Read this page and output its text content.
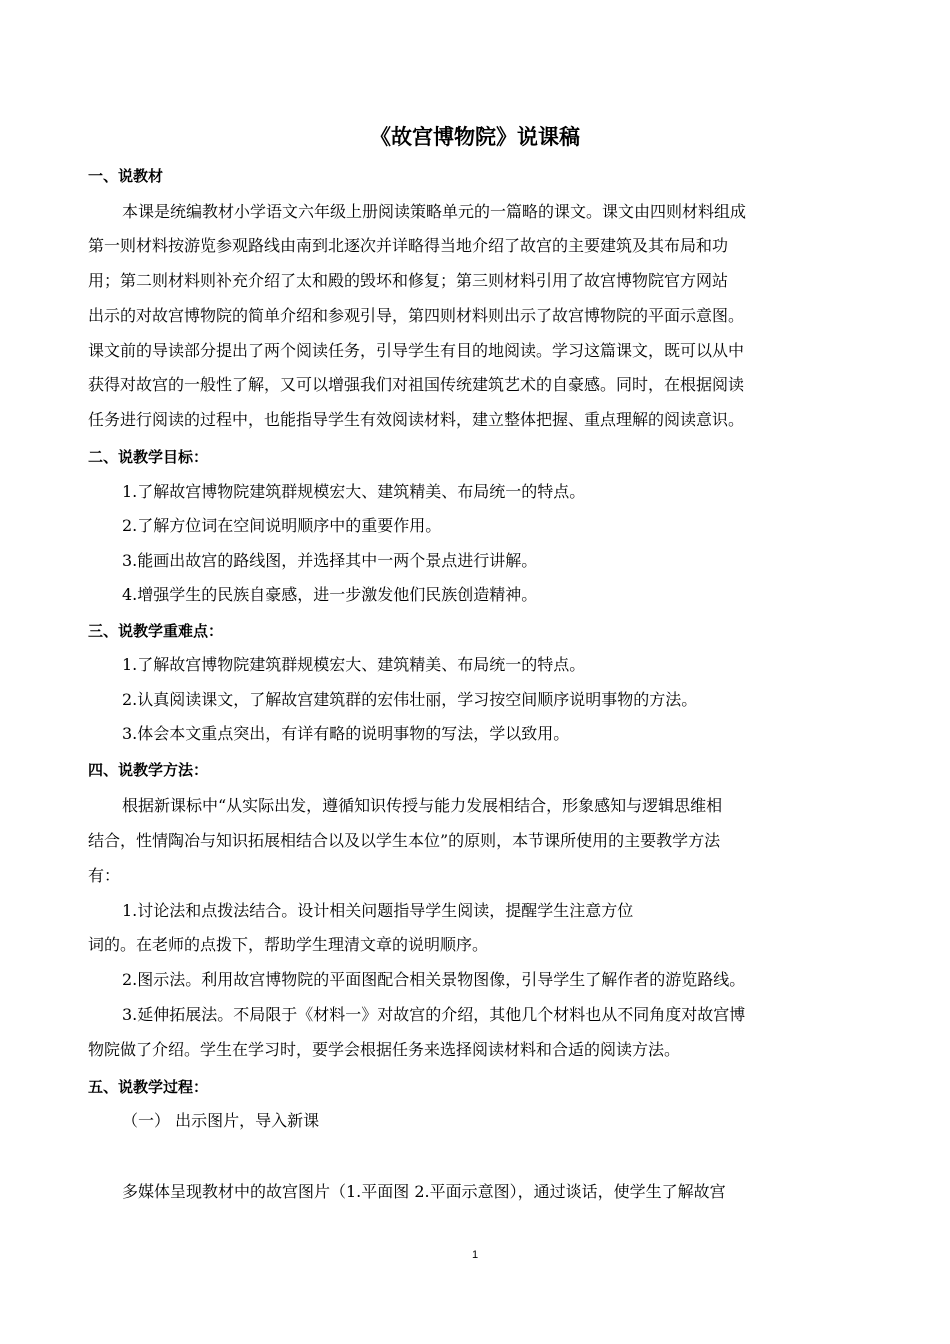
《故宫博物院》说课稿
一、说教材
本课是统编教材小学语文六年级上册阅读策略单元的一篇略的课文。课文由四则材料组成
第一则材料按游览参观路线由南到北逐次并详略得当地介绍了故宫的主要建筑及其布局和功
用；第二则材料则补充介绍了太和殿的毁坏和修复；第三则材料引用了故宫博物院官方网站
出示的对故宫博物院的简单介绍和参观引导，第四则材料则出示了故宫博物院的平面示意图。
课文前的导读部分提出了两个阅读任务，引导学生有目的地阅读。学习这篇课文，既可以从中
获得对故宫的一般性了解，又可以增强我们对祖国传统建筑艺术的自豪感。同时，在根据阅读
任务进行阅读的过程中，也能指导学生有效阅读材料，建立整体把握、重点理解的阅读意识。
二、说教学目标：
1.了解故宫博物院建筑群规模宏大、建筑精美、布局统一的特点。
2.了解方位词在空间说明顺序中的重要作用。
3.能画出故宫的路线图，并选择其中一两个景点进行讲解。
4.增强学生的民族自豪感，进一步激发他们民族创造精神。
三、说教学重难点：
1.了解故宫博物院建筑群规模宏大、建筑精美、布局统一的特点。
2.认真阅读课文，了解故宫建筑群的宏伟壮丽，学习按空间顺序说明事物的方法。
3.体会本文重点突出，有详有略的说明事物的写法，学以致用。
四、说教学方法：
根据新课标中“从实际出发，遵循知识传授与能力发展相结合，形象感知与逻辑思维相
结合，性情陶冶与知识拓展相结合以及以学生本位”的原则，本节课所使用的主要教学方法
有：
1.讨论法和点拨法结合。设计相关问题指导学生阅读，提醒学生注意方位
词的。在老师的点拨下，帮助学生理清文章的说明顺序。
2.图示法。利用故宫博物院的平面图配合相关景物图像，引导学生了解作者的游览路线。
3.延伸拓展法。不局限于《材料一》对故宫的介绍，其他几个材料也从不同角度对故宫博
物院做了介绍。学生在学习时，要学会根据任务来选择阅读材料和合适的阅读方法。
五、说教学过程：
（一） 出示图片，导入新课
多媒体呈现教材中的故宫图片（1.平面图 2.平面示意图），通过谈话，使学生了解故宫
1
